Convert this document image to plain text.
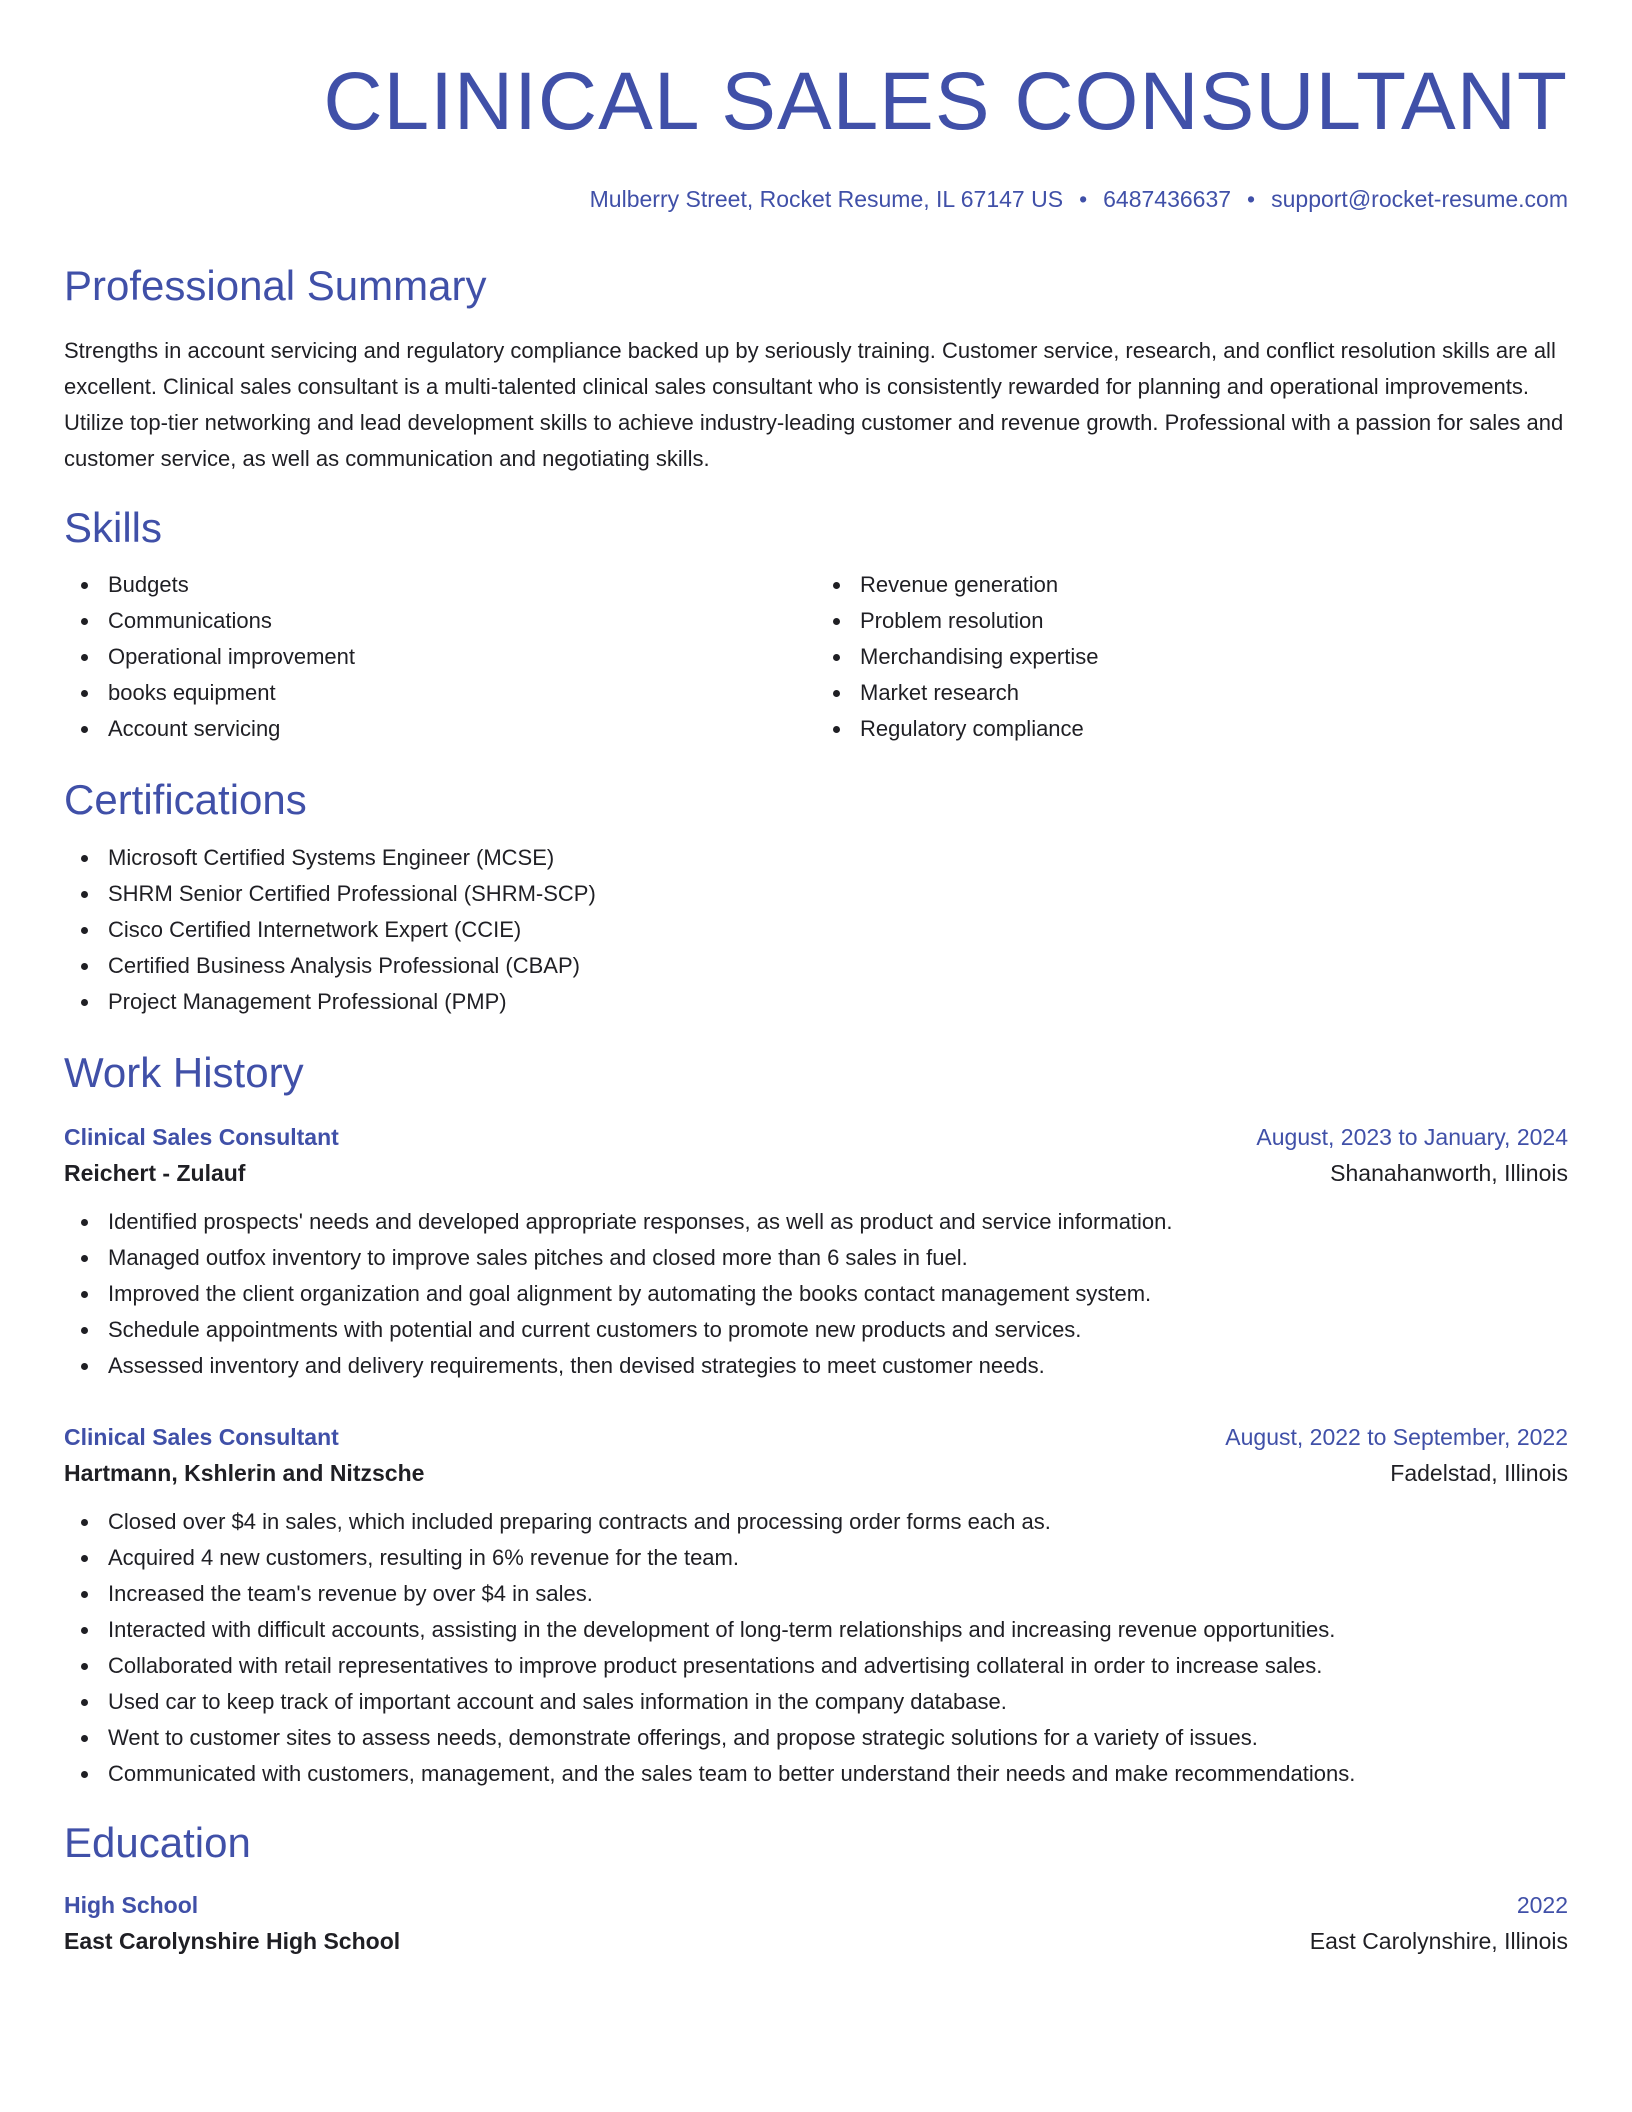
CLINICAL SALES CONSULTANT
Mulberry Street, Rocket Resume, IL 67147 US • 6487436637 • support@rocket-resume.com
Professional Summary

Strengths in account servicing and regulatory compliance backed up by seriously training. Customer service, research, and conflict resolution skills are all excellent. Clinical sales consultant is a multi-talented clinical sales consultant who is consistently rewarded for planning and operational improvements. Utilize top-tier networking and lead development skills to achieve industry-leading customer and revenue growth. Professional with a passion for sales and customer service, as well as communication and negotiating skills.

Skills
Budgets
Communications
Operational improvement
books equipment
Account servicing
Revenue generation
Problem resolution
Merchandising expertise
Market research
Regulatory compliance
Certifications
Microsoft Certified Systems Engineer (MCSE)
SHRM Senior Certified Professional (SHRM-SCP)
Cisco Certified Internetwork Expert (CCIE)
Certified Business Analysis Professional (CBAP)
Project Management Professional (PMP)
Work History
Clinical Sales Consultant	August, 2023 to January, 2024
Reichert - Zulauf	Shanahanworth, Illinois
Identified prospects' needs and developed appropriate responses, as well as product and service information.
Managed outfox inventory to improve sales pitches and closed more than 6 sales in fuel.
Improved the client organization and goal alignment by automating the books contact management system.
Schedule appointments with potential and current customers to promote new products and services.
Assessed inventory and delivery requirements, then devised strategies to meet customer needs.
Clinical Sales Consultant	August, 2022 to September, 2022
Hartmann, Kshlerin and Nitzsche	Fadelstad, Illinois
Closed over $4 in sales, which included preparing contracts and processing order forms each as.
Acquired 4 new customers, resulting in 6% revenue for the team.
Increased the team's revenue by over $4 in sales.
Interacted with difficult accounts, assisting in the development of long-term relationships and increasing revenue opportunities.
Collaborated with retail representatives to improve product presentations and advertising collateral in order to increase sales.
Used car to keep track of important account and sales information in the company database.
Went to customer sites to assess needs, demonstrate offerings, and propose strategic solutions for a variety of issues.
Communicated with customers, management, and the sales team to better understand their needs and make recommendations.
Education
High School	2022
East Carolynshire High School	East Carolynshire, Illinois
